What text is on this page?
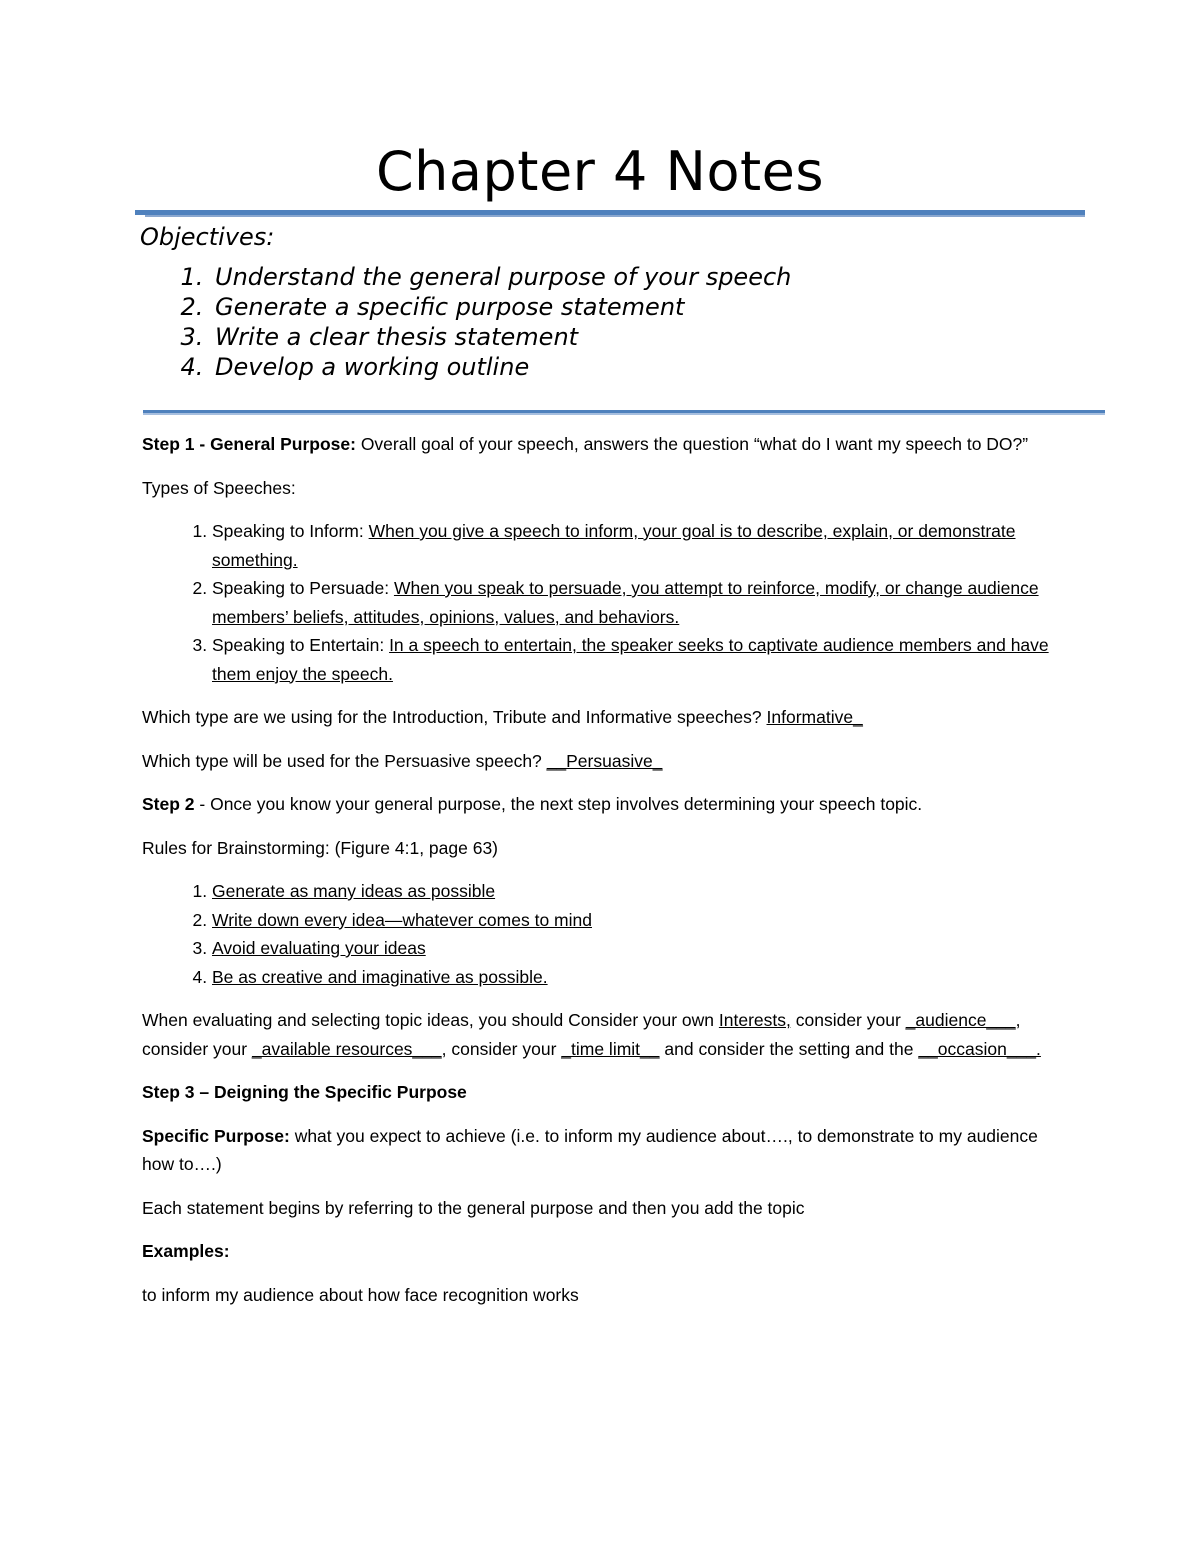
Chapter 4 Notes
Objectives:
1. Understand the general purpose of your speech
2. Generate a specific purpose statement
3. Write a clear thesis statement
4. Develop a working outline

Step 1 - General Purpose: Overall goal of your speech, answers the question “what do I want my speech to DO?”

Types of Speeches:

1. Speaking to Inform: When you give a speech to inform, your goal is to describe, explain, or demonstrate something.
2. Speaking to Persuade: When you speak to persuade, you attempt to reinforce, modify, or change audience members’ beliefs, attitudes, opinions, values, and behaviors.
3. Speaking to Entertain: In a speech to entertain, the speaker seeks to captivate audience members and have them enjoy the speech.

Which type are we using for the Introduction, Tribute and Informative speeches? Informative_

Which type will be used for the Persuasive speech? __Persuasive_

Step 2 - Once you know your general purpose, the next step involves determining your speech topic.

Rules for Brainstorming: (Figure 4:1, page 63)

1. Generate as many ideas as possible
2. Write down every idea—whatever comes to mind
3. Avoid evaluating your ideas
4. Be as creative and imaginative as possible.

When evaluating and selecting topic ideas, you should Consider your own Interests, consider your _audience___, consider your _available resources___, consider your _time limit__ and consider the setting and the __occasion___.

Step 3 – Deigning the Specific Purpose

Specific Purpose: what you expect to achieve (i.e. to inform my audience about…., to demonstrate to my audience how to….)

Each statement begins by referring to the general purpose and then you add the topic

Examples:

to inform my audience about how face recognition works
